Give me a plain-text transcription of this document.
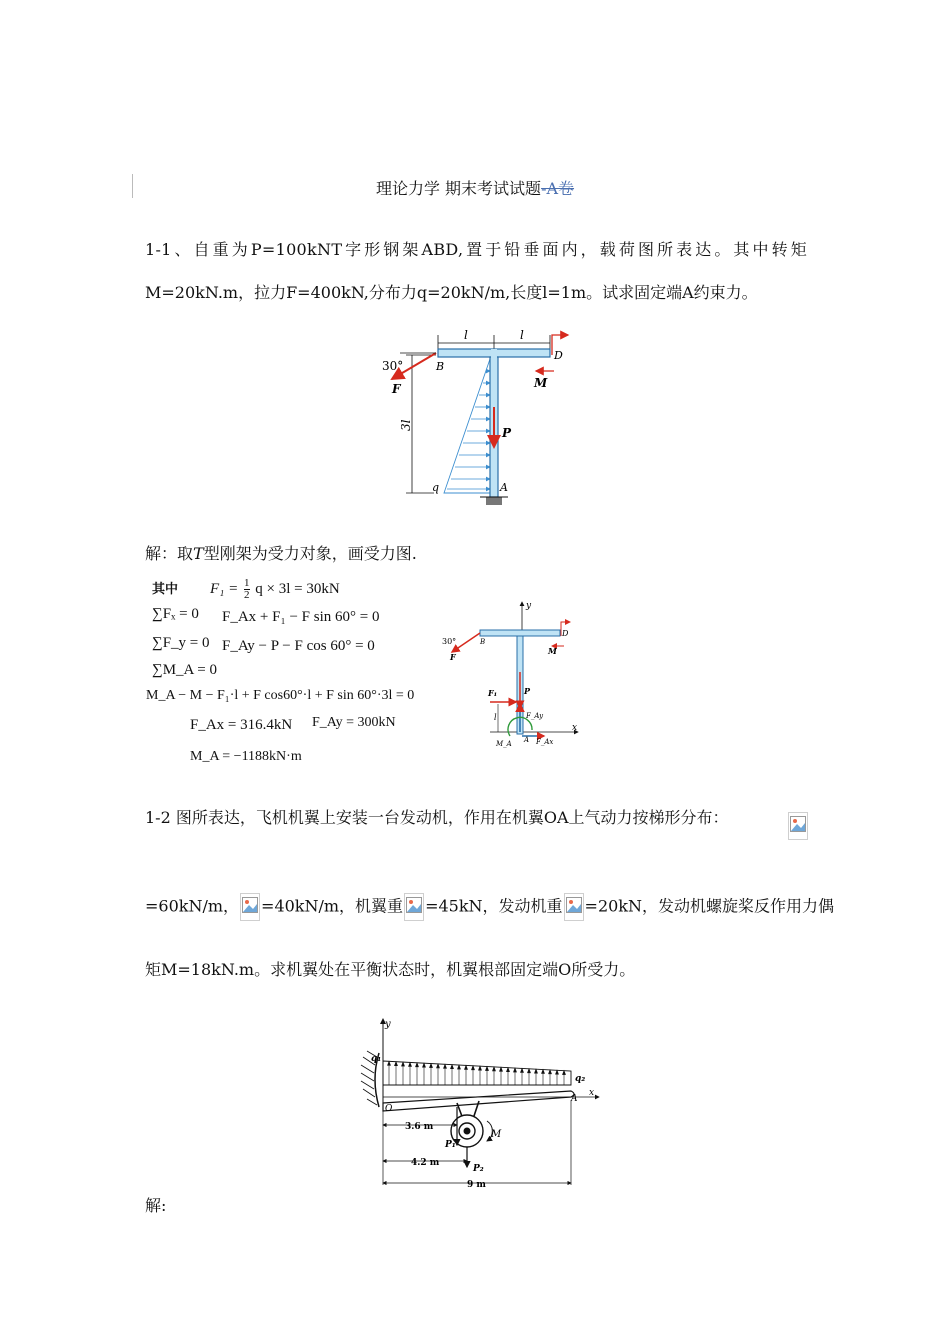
理论力学 期末考试试题-A卷
1-1、自重为P=100kNT字形钢架ABD,置于铅垂面内，载荷图所表达。其中转矩
M=20kN.m，拉力F=400kN,分布力q=20kN/m,长度l=1m。试求固定端A约束力。
l	l
3l
P
30°
F
B
D
M
q	A
解：取T型刚架为受力对象，画受力图.
其中 $F_1 = \frac{1}{2}$ q × 3l = 30kN
∑Fₓ = 0 F_Ax + F₁ − F sin 60° = 0
∑F_y = 0 F_Ay − P − F cos 60° = 0
∑M_A = 0
M_A − M − F₁·l + F cos60°·l + F sin 60°·3l = 0
F_Ax = 316.4kN F_Ay = 300kN
M_A = −1188kN·m
y
x
30°
F
B
D
M
P
F₁
l	F_Ay
M_A A F_Ax
1-2 图所表达，飞机机翼上安装一台发动机，作用在机翼OA上气动力按梯形分布：
=60kN/m， =40kN/m，机翼重 =45kN，发动机重 =20kN，发动机螺旋桨反作用力偶
矩M=18kN.m。求机翼处在平衡状态时，机翼根部固定端O所受力。
y
q₁
q₂
O
A
x
M
P₁
P₂
3.6 m
4.2 m
9 m
解:
